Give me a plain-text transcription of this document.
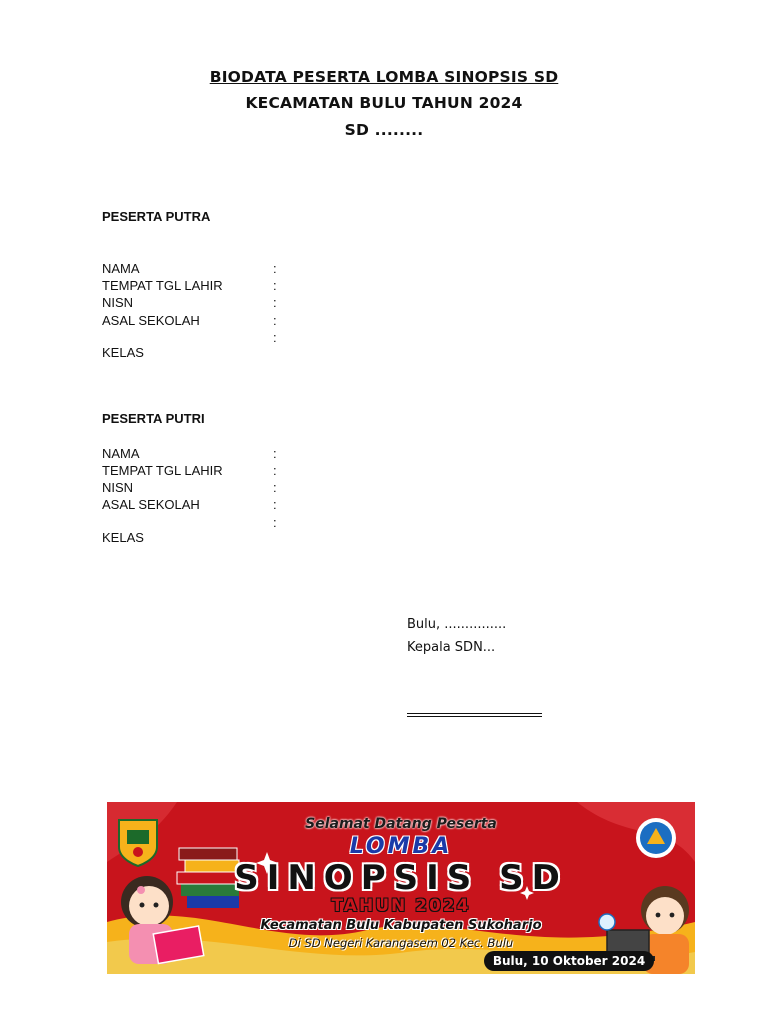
BIODATA PESERTA LOMBA SINOPSIS SD
KECAMATAN BULU TAHUN 2024
SD ........
PESERTA PUTRA
NAMA
TEMPAT TGL LAHIR
NISN
ASAL SEKOLAH
KELAS
:
:
:
:
:
PESERTA PUTRI
NAMA
TEMPAT TGL LAHIR
NISN
ASAL SEKOLAH
KELAS
:
:
:
:
:
Bulu, ...............
Kepala SDN...
Selamat Datang Peserta
LOMBA
SINOPSIS SD
TAHUN 2024
Kecamatan Bulu Kabupaten Sukoharjo
Di SD Negeri Karangasem 02 Kec. Bulu
Bulu, 10 Oktober 2024
